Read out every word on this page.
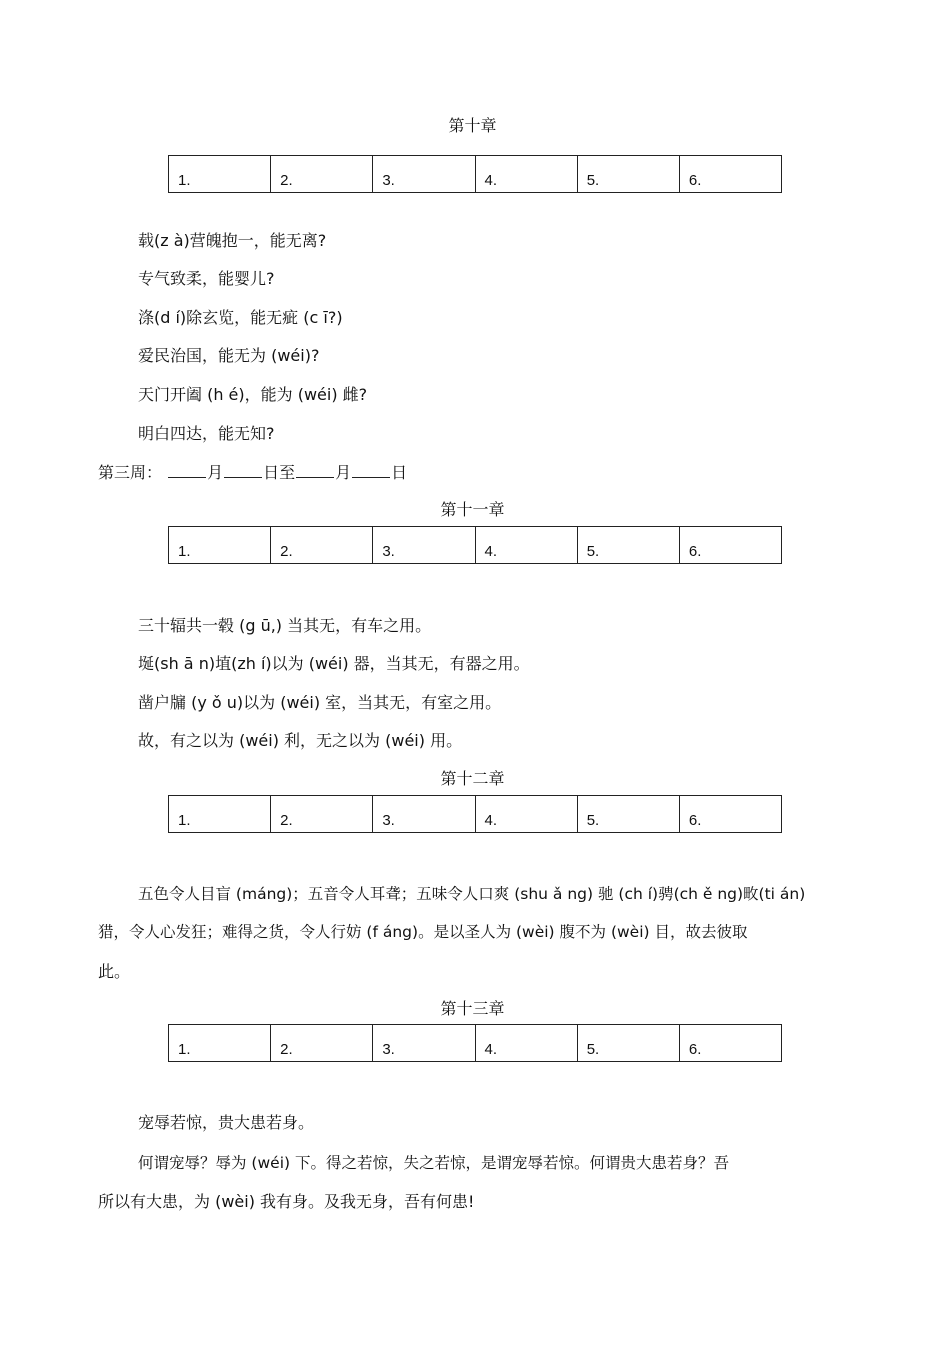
第十章
1.	2.	3.	4.	5.	6.
载(z à)营魄抱一，能无离?
专气致柔，能婴儿?
涤(d í)除玄览，能无疵 (c ī?)
爱民治国，能无为 (wéi)?
天门开阖 (h é)，能为 (wéi) 雌?
明白四达，能无知?
第三周：	月	日至	月	日
第十一章
1.	2.	3.	4.	5.	6.
三十辐共一毂 (g ū,) 当其无，有车之用。
埏(sh ā n)埴(zh í)以为 (wéi) 器，当其无，有器之用。
凿户牖 (y ǒ u)以为 (wéi) 室，当其无，有室之用。
故，有之以为 (wéi) 利，无之以为 (wéi) 用。
第十二章
1.	2.	3.	4.	5.	6.
五色令人目盲 (máng)；五音令人耳聋；五味令人口爽 (shu ǎ ng) 驰 (ch í)骋(ch ě ng)畋(ti án)
猎，令人心发狂；难得之货，令人行妨 (f áng)。是以圣人为 (wèi) 腹不为 (wèi) 目，故去彼取
此。
第十三章
1.	2.	3.	4.	5.	6.
宠辱若惊，贵大患若身。
何谓宠辱？辱为 (wéi) 下。得之若惊，失之若惊，是谓宠辱若惊。何谓贵大患若身？吾
所以有大患，为 (wèi) 我有身。及我无身，吾有何患!
